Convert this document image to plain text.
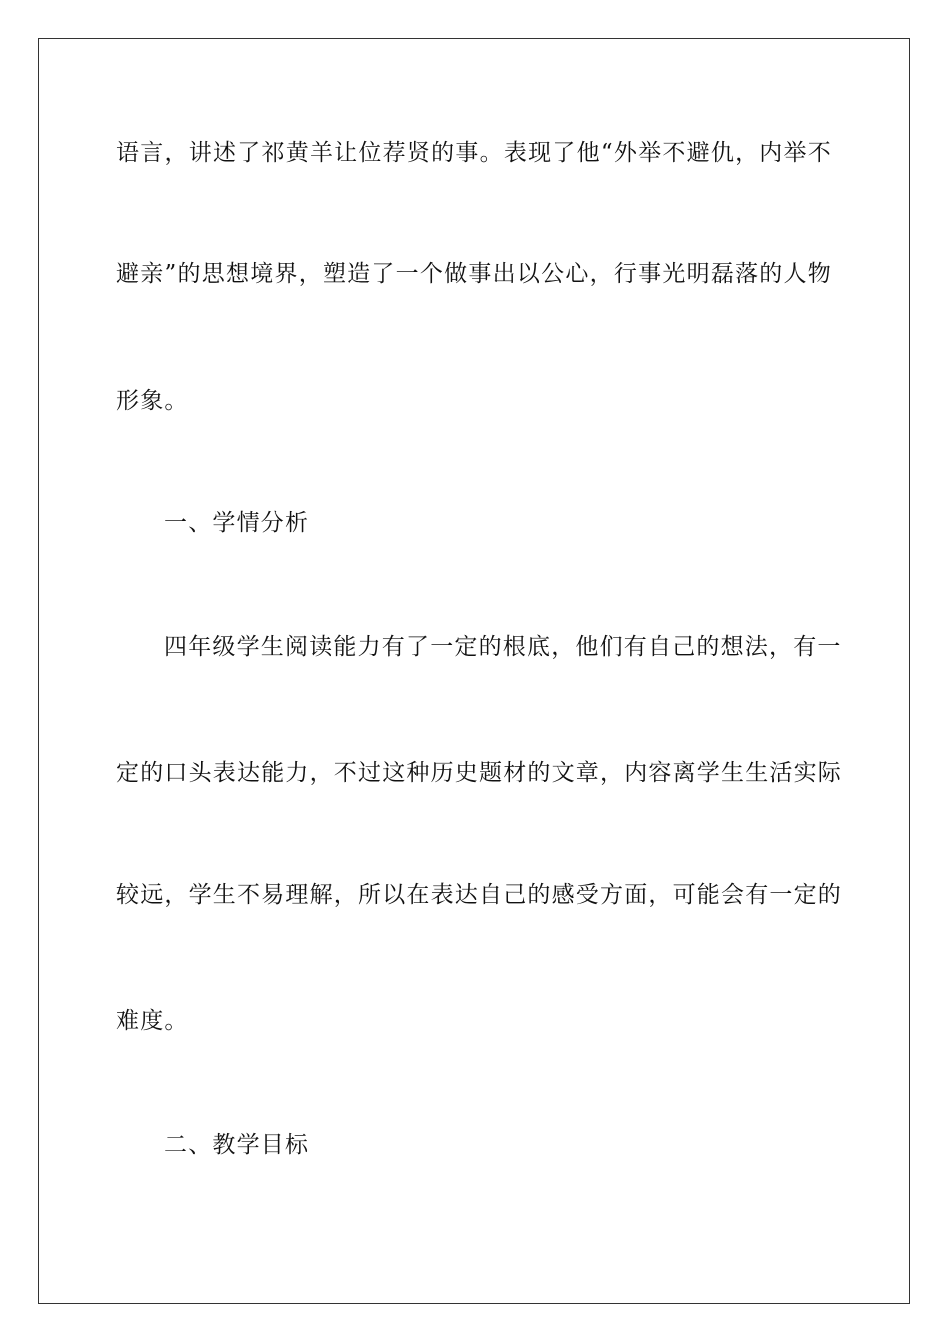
语言，讲述了祁黄羊让位荐贤的事。表现了他“外举不避仇，内举不
避亲”的思想境界，塑造了一个做事出以公心，行事光明磊落的人物
形象。
一、学情分析
四年级学生阅读能力有了一定的根底，他们有自己的想法，有一
定的口头表达能力，不过这种历史题材的文章，内容离学生生活实际
较远，学生不易理解，所以在表达自己的感受方面，可能会有一定的
难度。
二、教学目标
